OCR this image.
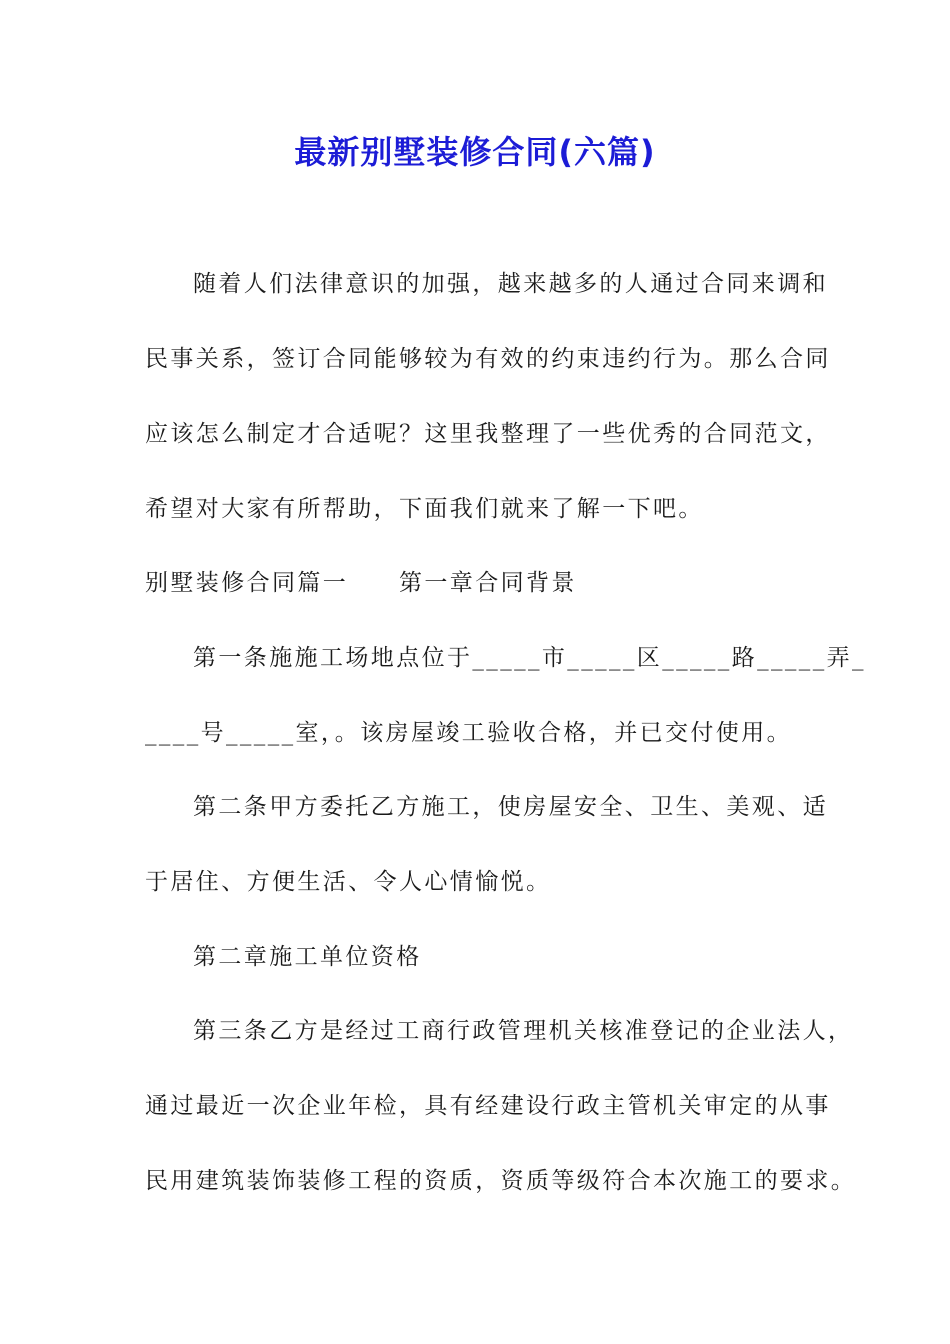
最新别墅装修合同(六篇)

随着人们法律意识的加强，越来越多的人通过合同来调和

民事关系，签订合同能够较为有效的约束违约行为。那么合同

应该怎么制定才合适呢？这里我整理了一些优秀的合同范文，

希望对大家有所帮助，下面我们就来了解一下吧。

别墅装修合同篇一　　第一章合同背景

第一条施施工场地点位于_____市_____区_____路_____弄_

____号_____室，。该房屋竣工验收合格，并已交付使用。

第二条甲方委托乙方施工，使房屋安全、卫生、美观、适

于居住、方便生活、令人心情愉悦。

第二章施工单位资格

第三条乙方是经过工商行政管理机关核准登记的企业法人，

通过最近一次企业年检，具有经建设行政主管机关审定的从事

民用建筑装饰装修工程的资质，资质等级符合本次施工的要求。
